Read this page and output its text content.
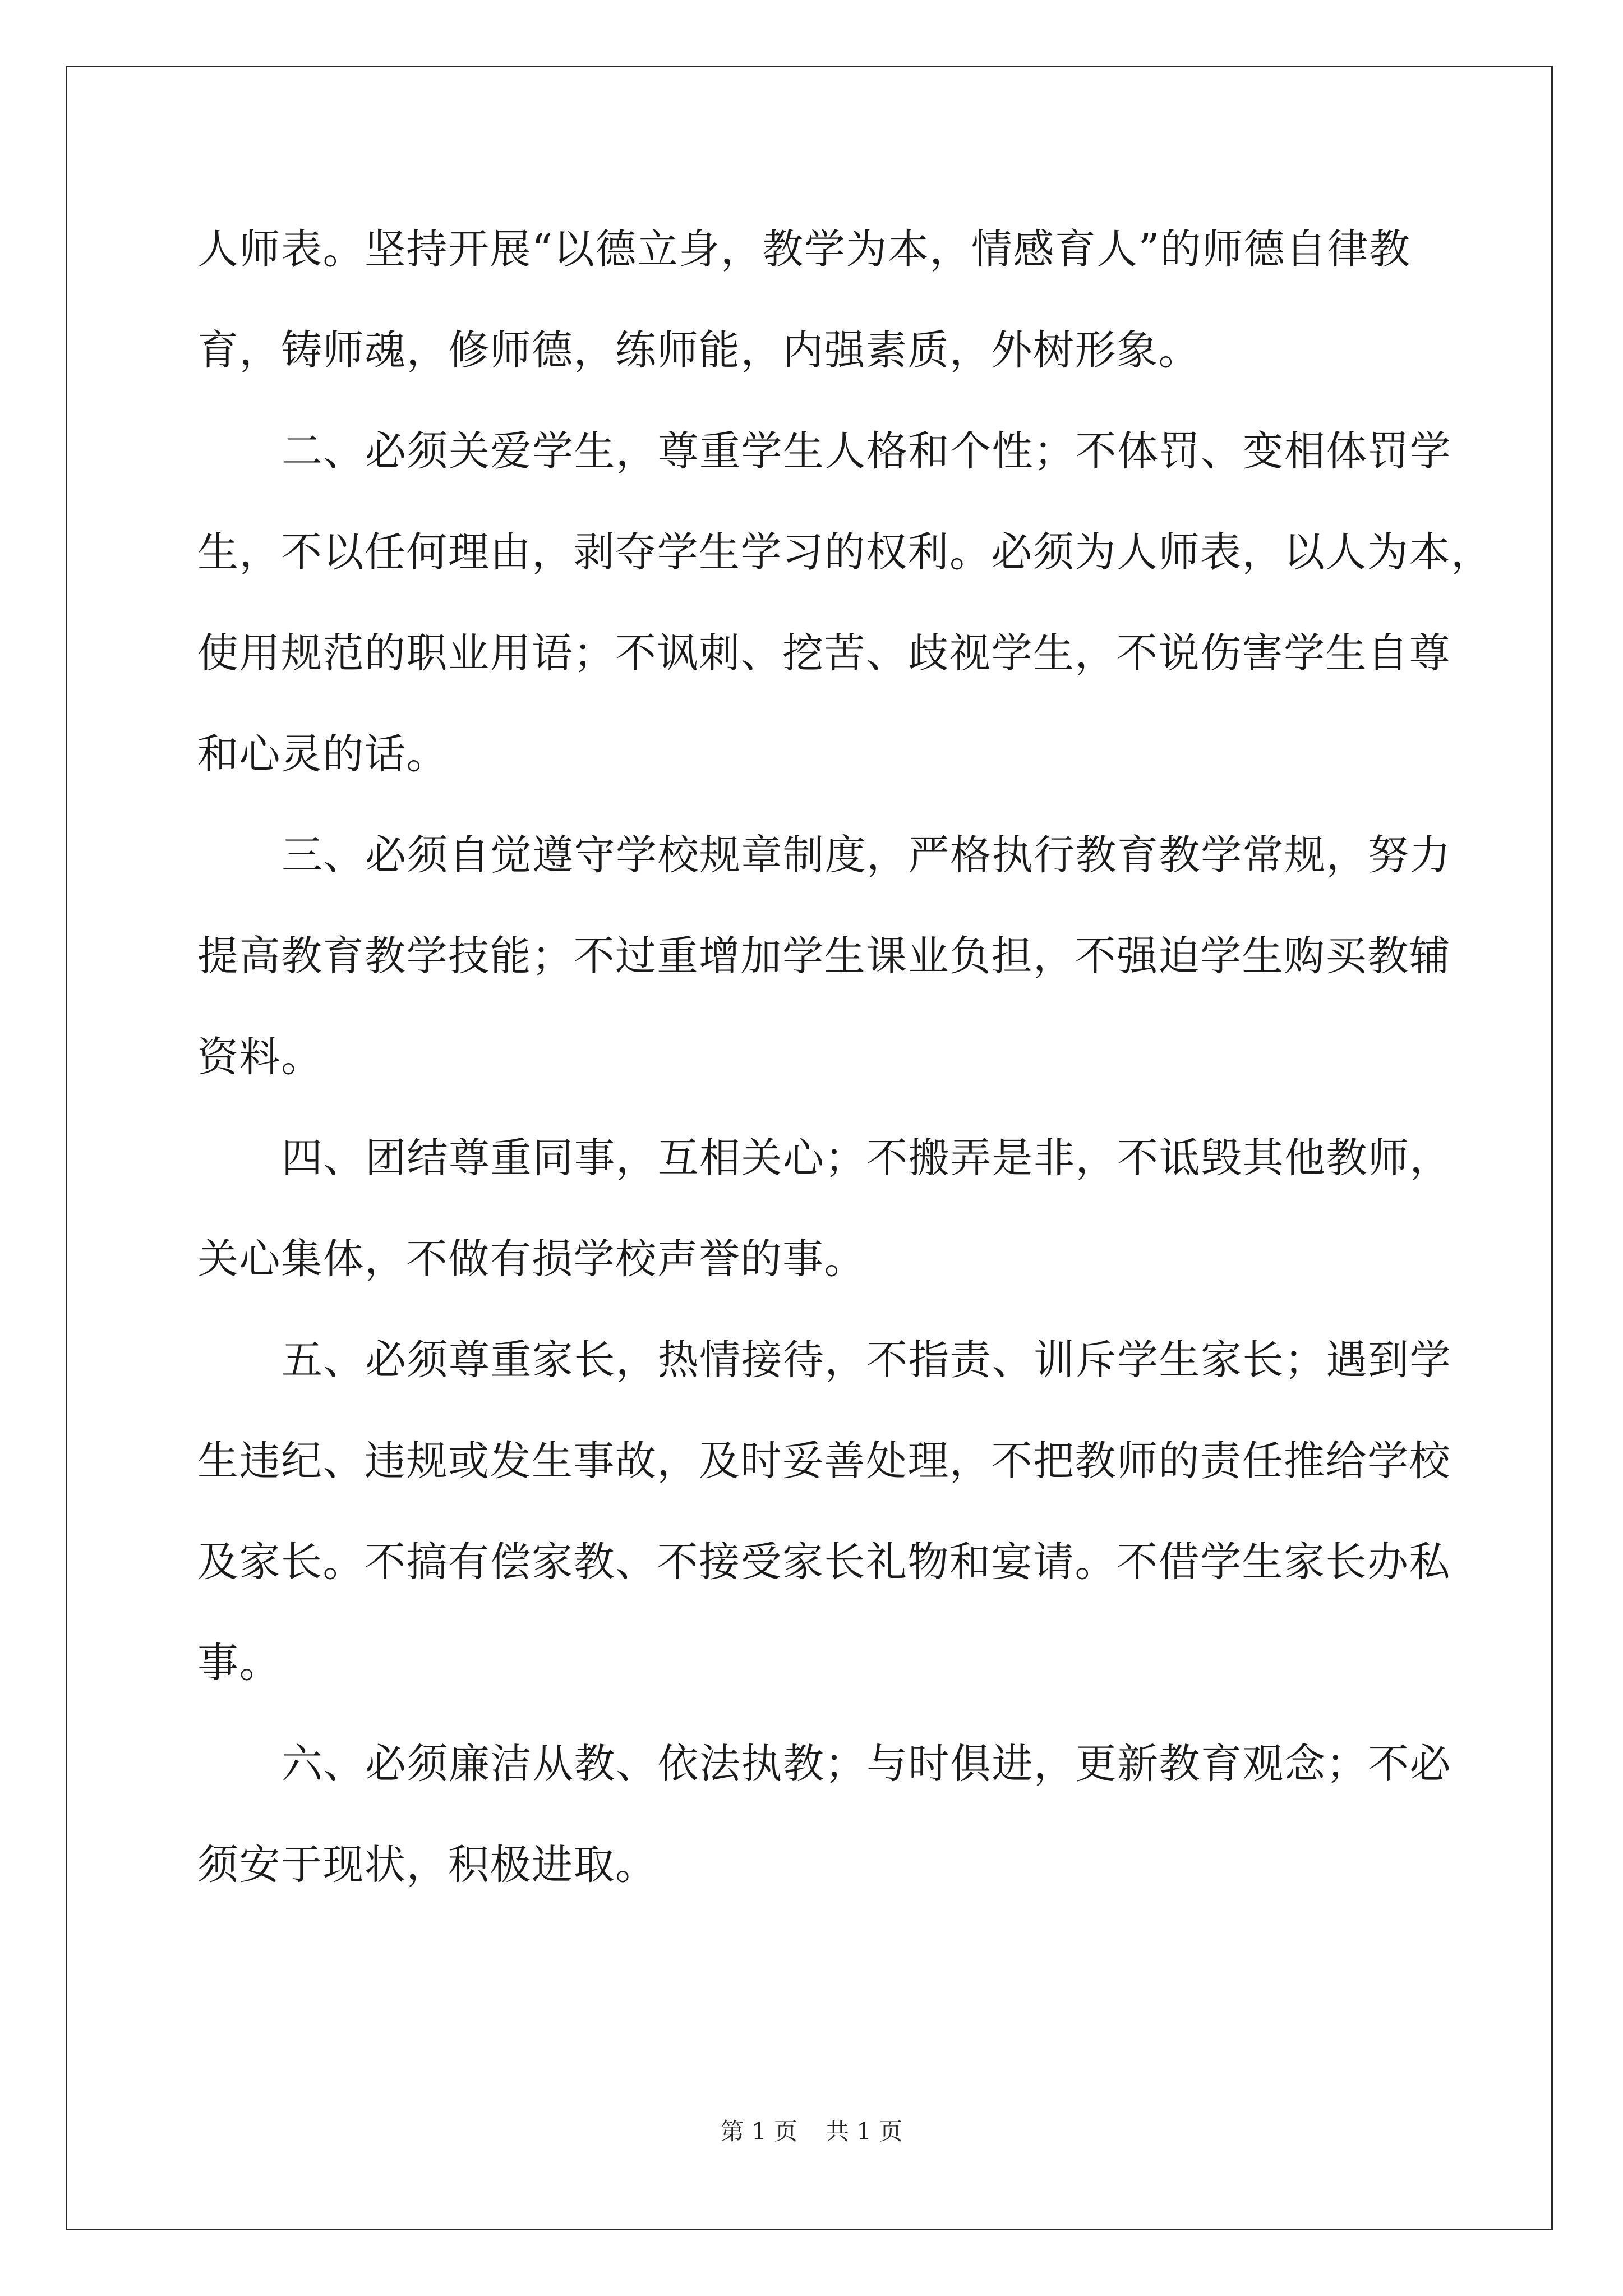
人师表。坚持开展“以德立身，教学为本，情感育人”的师德自律教
育，铸师魂，修师德，练师能，内强素质，外树形象。
二、必须关爱学生，尊重学生人格和个性；不体罚、变相体罚学
生，不以任何理由，剥夺学生学习的权利。必须为人师表，以人为本，
使用规范的职业用语；不讽刺、挖苦、歧视学生，不说伤害学生自尊
和心灵的话。
三、必须自觉遵守学校规章制度，严格执行教育教学常规，努力
提高教育教学技能；不过重增加学生课业负担，不强迫学生购买教辅
资料。
四、团结尊重同事，互相关心；不搬弄是非，不诋毁其他教师，
关心集体，不做有损学校声誉的事。
五、必须尊重家长，热情接待，不指责、训斥学生家长；遇到学
生违纪、违规或发生事故，及时妥善处理，不把教师的责任推给学校
及家长。不搞有偿家教、不接受家长礼物和宴请。不借学生家长办私
事。
六、必须廉洁从教、依法执教；与时俱进，更新教育观念；不必
须安于现状，积极进取。
第 1 页 共 1 页
